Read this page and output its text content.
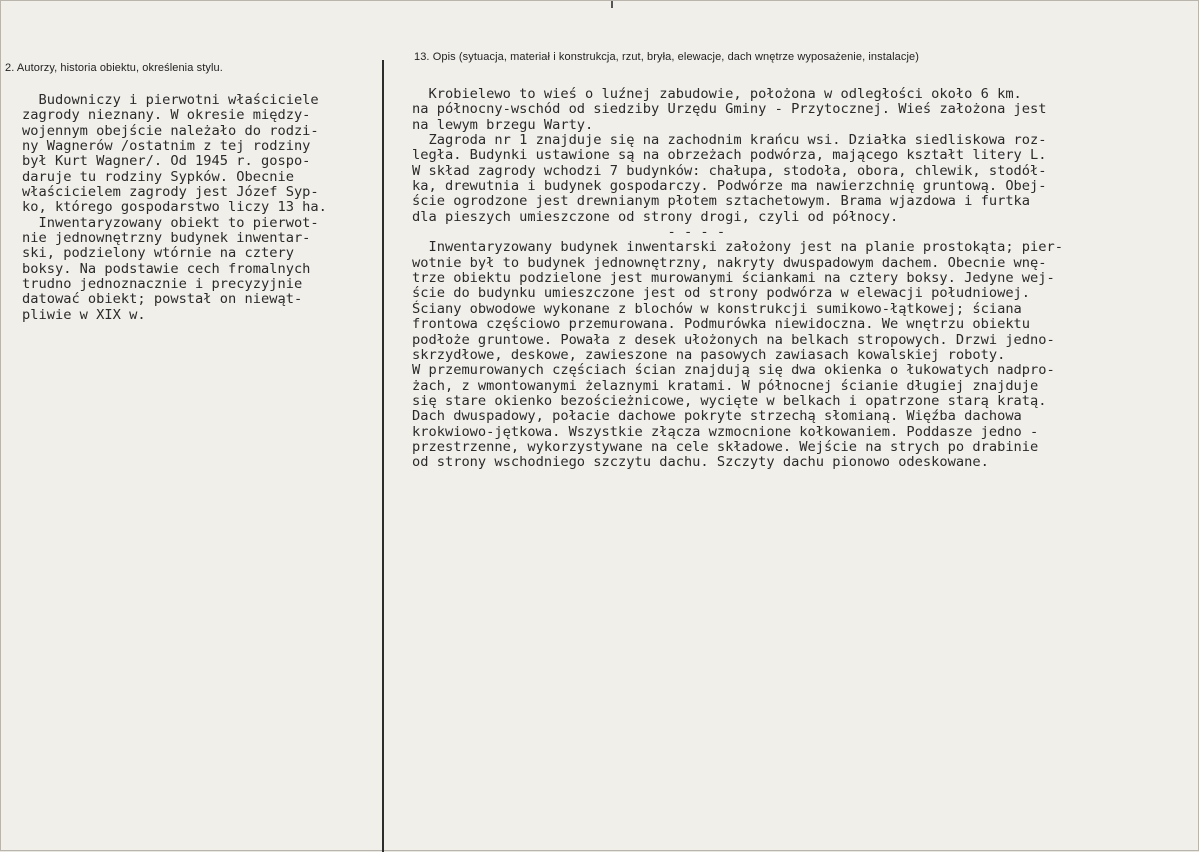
2. Autorzy, historia obiektu, określenia stylu.
13. Opis (sytuacja, materiał i konstrukcja, rzut, bryła, elewacje, dach wnętrze wyposażenie, instalacje)
Budowniczy i pierwotni właściciele
zagrody nieznany. W okresie między-
wojennym obejście należało do rodzi-
ny Wagnerów /ostatnim z tej rodziny
był Kurt Wagner/. Od 1945 r. gospo-
daruje tu rodziny Sypków. Obecnie
właścicielem zagrody jest Józef Syp-
ko, którego gospodarstwo liczy 13 ha.
Inwentaryzowany obiekt to pierwot-
nie jednownętrzny budynek inwentar-
ski, podzielony wtórnie na cztery
boksy. Na podstawie cech fromalnych
trudno jednoznacznie i precyzyjnie
datować obiekt; powstał on niewąt-
pliwie w XIX w.
Krobielewo to wieś o luźnej zabudowie, położona w odległości około 6 km.
na północny-wschód od siedziby Urzędu Gminy - Przytocznej. Wieś założona jest
na lewym brzegu Warty.
Zagroda nr 1 znajduje się na zachodnim krańcu wsi. Działka siedliskowa roz-
legła. Budynki ustawione są na obrzeżach podwórza, mającego kształt litery L.
W skład zagrody wchodzi 7 budynków: chałupa, stodoła, obora, chlewik, stodół-
ka, drewutnia i budynek gospodarczy. Podwórze ma nawierzchnię gruntową. Obej-
ście ogrodzone jest drewnianym płotem sztachetowym. Brama wjazdowa i furtka
dla pieszych umieszczone od strony drogi, czyli od północy.
- - - -
Inwentaryzowany budynek inwentarski założony jest na planie prostokąta; pier-
wotnie był to budynek jednownętrzny, nakryty dwuspadowym dachem. Obecnie wnę-
trze obiektu podzielone jest murowanymi ściankami na cztery boksy. Jedyne wej-
ście do budynku umieszczone jest od strony podwórza w elewacji południowej.
Ściany obwodowe wykonane z blochów w konstrukcji sumikowo-łątkowej; ściana
frontowa częściowo przemurowana. Podmurówka niewidoczna. We wnętrzu obiektu
podłoże gruntowe. Powała z desek ułożonych na belkach stropowych. Drzwi jedno-
skrzydłowe, deskowe, zawieszone na pasowych zawiasach kowalskiej roboty.
W przemurowanych częściach ścian znajdują się dwa okienka o łukowatych nadpro-
żach, z wmontowanymi żelaznymi kratami. W północnej ścianie długiej znajduje
się stare okienko bezościeżnicowe, wycięte w belkach i opatrzone starą kratą.
Dach dwuspadowy, połacie dachowe pokryte strzechą słomianą. Więźba dachowa
krokwiowo-jętkowa. Wszystkie złącza wzmocnione kołkowaniem. Poddasze jedno -
przestrzenne, wykorzystywane na cele składowe. Wejście na strych po drabinie
od strony wschodniego szczytu dachu. Szczyty dachu pionowo odeskowane.
